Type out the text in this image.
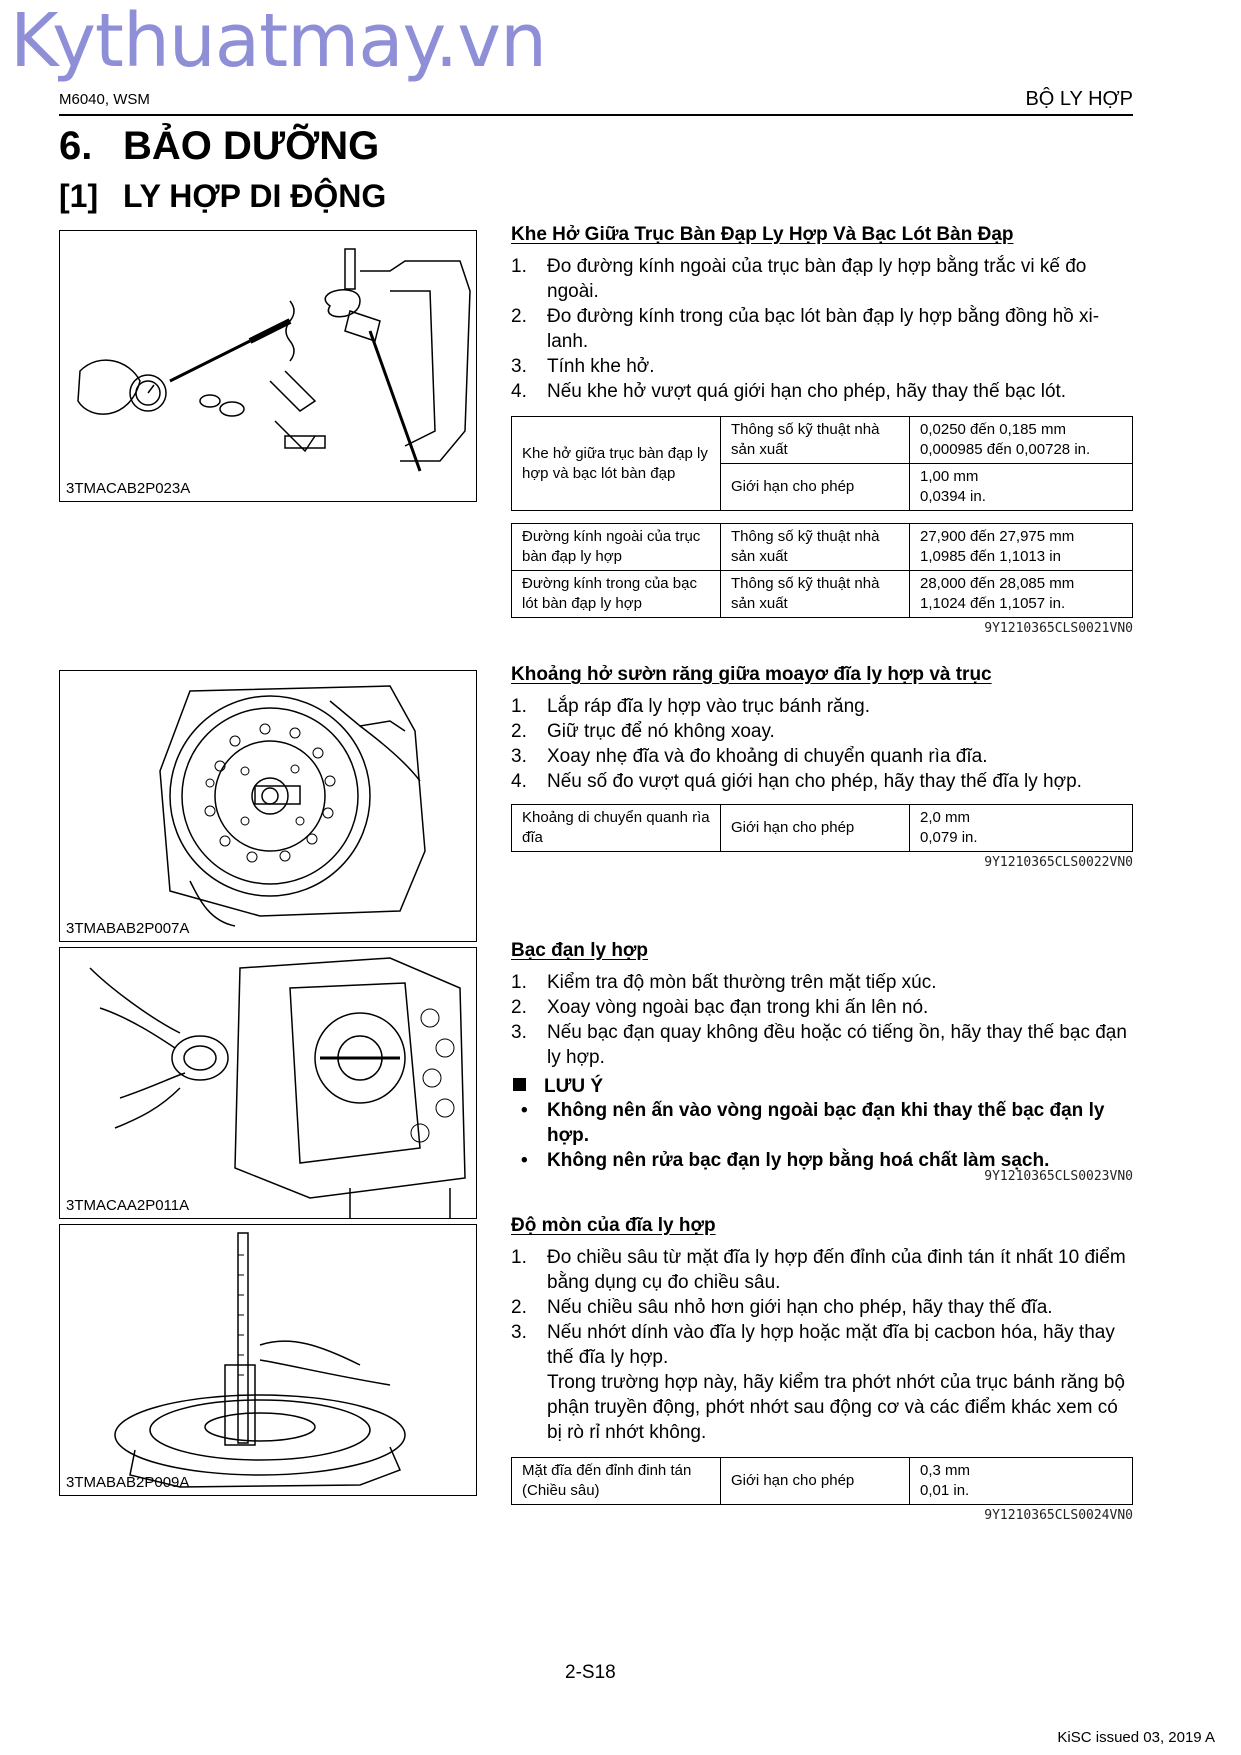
Kythuatmay.vn
M6040, WSM	BỘ LY HỢP
6. BẢO DƯỠNG
[1] LY HỢP DI ĐỘNG
3TMACAB2P023A
3TMABAB2P007A
3TMACAA2P011A
3TMABAB2P009A
Khe Hở Giữa Trục Bàn Đạp Ly Hợp Và Bạc Lót Bàn Đạp
1. Đo đường kính ngoài của trục bàn đạp ly hợp bằng trắc vi kế đo ngoài.
2. Đo đường kính trong của bạc lót bàn đạp ly hợp bằng đồng hồ xi-lanh.
3. Tính khe hở.
4. Nếu khe hở vượt quá giới hạn cho phép, hãy thay thế bạc lót.
Khe hở giữa trục bàn đạp ly hợp và bạc lót bàn đạp	Thông số kỹ thuật nhà sản xuất	0,0250 đến 0,185 mm
0,000985 đến 0,00728 in.
	Giới hạn cho phép	1,00 mm
0,0394 in.
Đường kính ngoài của trục bàn đạp ly hợp	Thông số kỹ thuật nhà sản xuất	27,900 đến 27,975 mm
1,0985 đến 1,1013 in
Đường kính trong của bạc lót bàn đạp ly hợp	Thông số kỹ thuật nhà sản xuất	28,000 đến 28,085 mm
1,1024 đến 1,1057 in.
9Y1210365CLS0021VN0
Khoảng hở sườn răng giữa moayơ đĩa ly hợp và trục
1. Lắp ráp đĩa ly hợp vào trục bánh răng.
2. Giữ trục để nó không xoay.
3. Xoay nhẹ đĩa và đo khoảng di chuyển quanh rìa đĩa.
4. Nếu số đo vượt quá giới hạn cho phép, hãy thay thế đĩa ly hợp.
Khoảng di chuyển quanh rìa đĩa	Giới hạn cho phép	2,0 mm
0,079 in.
9Y1210365CLS0022VN0
Bạc đạn ly hợp
1. Kiểm tra độ mòn bất thường trên mặt tiếp xúc.
2. Xoay vòng ngoài bạc đạn trong khi ấn lên nó.
3. Nếu bạc đạn quay không đều hoặc có tiếng ồn, hãy thay thế bạc đạn ly hợp.
LƯU Ý
• Không nên ấn vào vòng ngoài bạc đạn khi thay thế bạc đạn ly hợp.
• Không nên rửa bạc đạn ly hợp bằng hoá chất làm sạch.
9Y1210365CLS0023VN0
Độ mòn của đĩa ly hợp
1. Đo chiều sâu từ mặt đĩa ly hợp đến đỉnh của đinh tán ít nhất 10 điểm bằng dụng cụ đo chiều sâu.
2. Nếu chiều sâu nhỏ hơn giới hạn cho phép, hãy thay thế đĩa.
3. Nếu nhớt dính vào đĩa ly hợp hoặc mặt đĩa bị cacbon hóa, hãy thay thế đĩa ly hợp.
Trong trường hợp này, hãy kiểm tra phớt nhớt của trục bánh răng bộ phận truyền động, phớt nhớt sau động cơ và các điểm khác xem có bị rò rỉ nhớt không.
Mặt đĩa đến đỉnh đinh tán (Chiều sâu)	Giới hạn cho phép	0,3 mm
0,01 in.
9Y1210365CLS0024VN0
2-S18
KiSC issued 03, 2019 A
